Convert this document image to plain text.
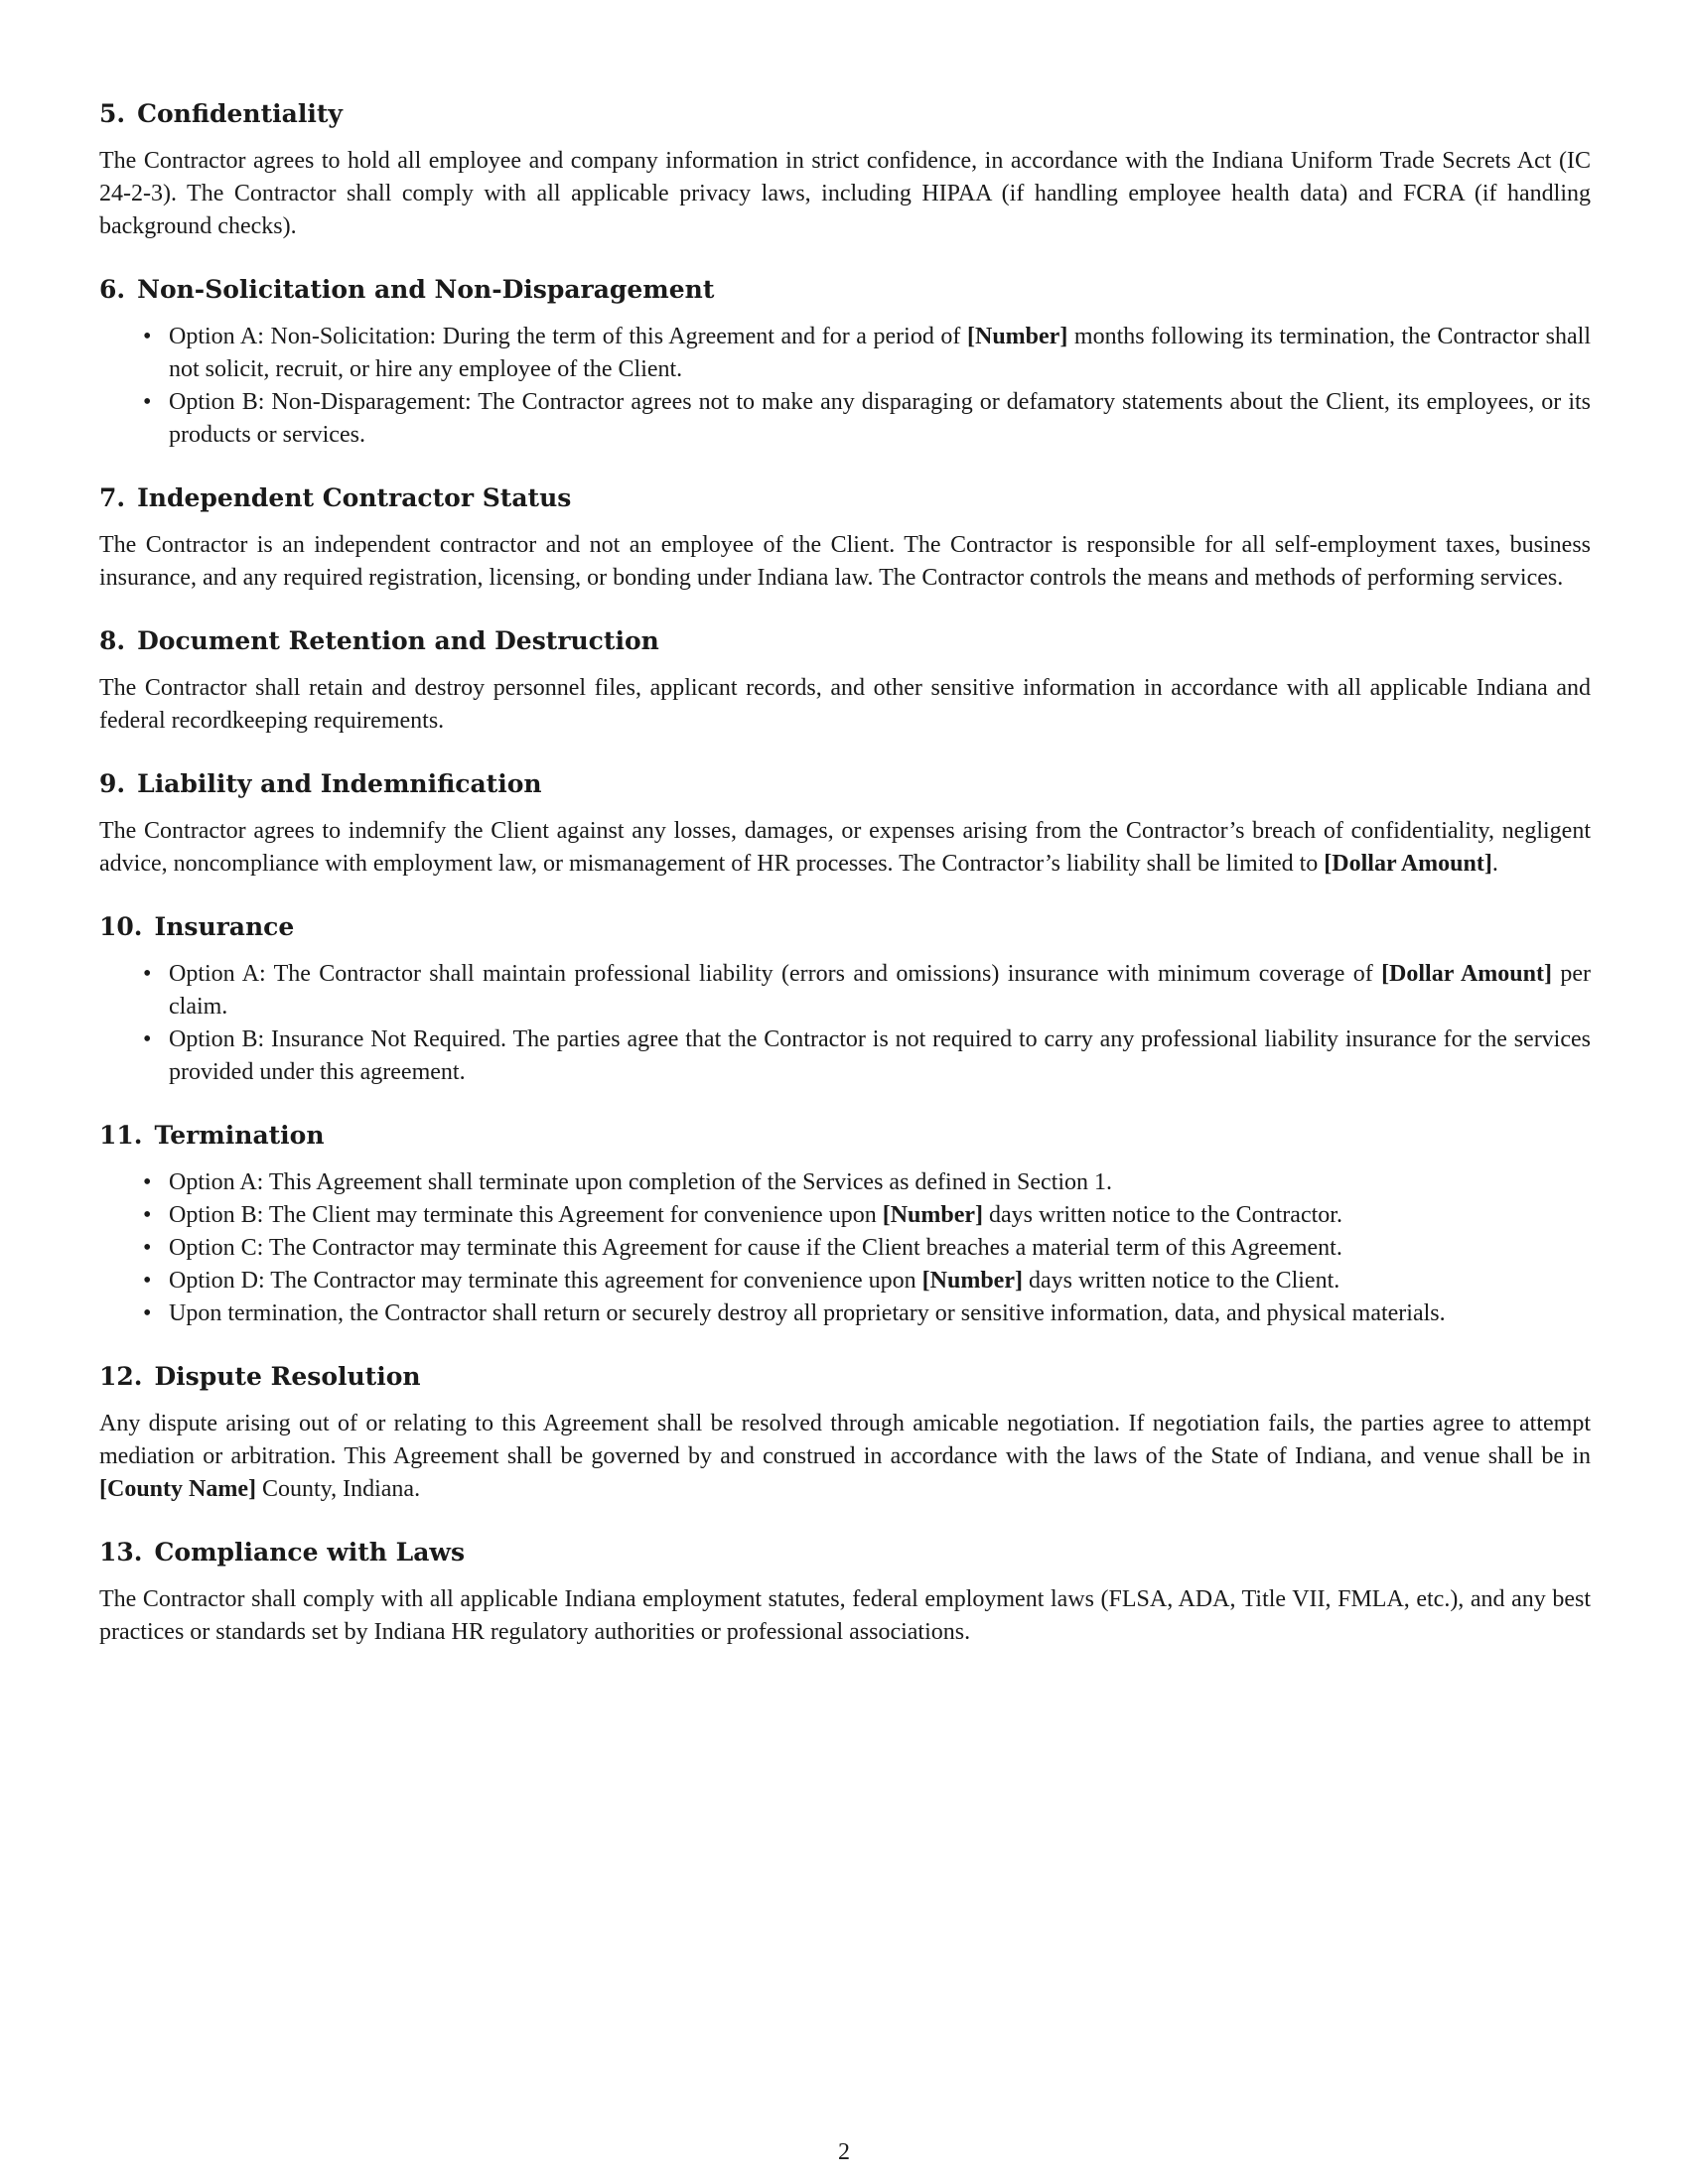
5. Confidentiality

The Contractor agrees to hold all employee and company information in strict confidence, in accordance with the Indiana Uniform Trade Secrets Act (IC 24-2-3). The Contractor shall comply with all applicable privacy laws, including HIPAA (if handling employee health data) and FCRA (if handling background checks).

6. Non-Solicitation and Non-Disparagement
• Option A: Non-Solicitation: During the term of this Agreement and for a period of [Number] months following its termination, the Contractor shall not solicit, recruit, or hire any employee of the Client.
• Option B: Non-Disparagement: The Contractor agrees not to make any disparaging or defamatory statements about the Client, its employees, or its products or services.
7. Independent Contractor Status

The Contractor is an independent contractor and not an employee of the Client. The Contractor is responsible for all self-employment taxes, business insurance, and any required registration, licensing, or bonding under Indiana law. The Contractor controls the means and methods of performing services.

8. Document Retention and Destruction

The Contractor shall retain and destroy personnel files, applicant records, and other sensitive information in accordance with all applicable Indiana and federal recordkeeping requirements.

9. Liability and Indemnification

The Contractor agrees to indemnify the Client against any losses, damages, or expenses arising from the Contractor’s breach of confidentiality, negligent advice, noncompliance with employment law, or mismanagement of HR processes. The Contractor’s liability shall be limited to [Dollar Amount].

10. Insurance
• Option A: The Contractor shall maintain professional liability (errors and omissions) insurance with minimum coverage of [Dollar Amount] per claim.
• Option B: Insurance Not Required. The parties agree that the Contractor is not required to carry any professional liability insurance for the services provided under this agreement.
11. Termination
• Option A: This Agreement shall terminate upon completion of the Services as defined in Section 1.
• Option B: The Client may terminate this Agreement for convenience upon [Number] days written notice to the Contractor.
• Option C: The Contractor may terminate this Agreement for cause if the Client breaches a material term of this Agreement.
• Option D: The Contractor may terminate this agreement for convenience upon [Number] days written notice to the Client.
• Upon termination, the Contractor shall return or securely destroy all proprietary or sensitive information, data, and physical materials.
12. Dispute Resolution

Any dispute arising out of or relating to this Agreement shall be resolved through amicable negotiation. If negotiation fails, the parties agree to attempt mediation or arbitration. This Agreement shall be governed by and construed in accordance with the laws of the State of Indiana, and venue shall be in [County Name] County, Indiana.

13. Compliance with Laws

The Contractor shall comply with all applicable Indiana employment statutes, federal employment laws (FLSA, ADA, Title VII, FMLA, etc.), and any best practices or standards set by Indiana HR regulatory authorities or professional associations.

2
